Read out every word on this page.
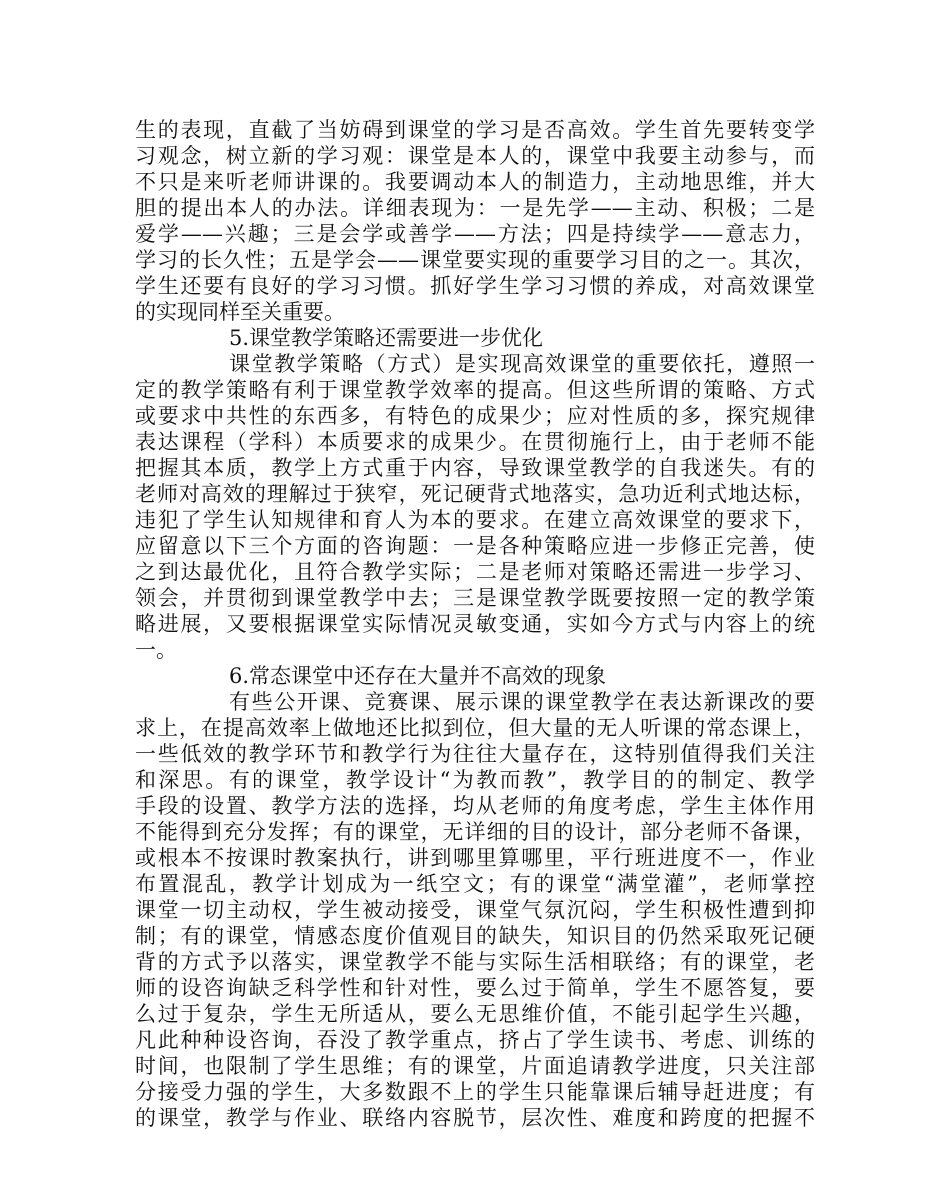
生的表现，直截了当妨碍到课堂的学习是否高效。学生首先要转变学
习观念，树立新的学习观：课堂是本人的，课堂中我要主动参与，而
不只是来听老师讲课的。我要调动本人的制造力，主动地思维，并大
胆的提出本人的办法。详细表现为：一是先学——主动、积极；二是
爱学——兴趣；三是会学或善学——方法；四是持续学——意志力，
学习的长久性；五是学会——课堂要实现的重要学习目的之一。其次，
学生还要有良好的学习习惯。抓好学生学习习惯的养成，对高效课堂
的实现同样至关重要。
5.课堂教学策略还需要进一步优化
课堂教学策略（方式）是实现高效课堂的重要依托，遵照一
定的教学策略有利于课堂教学效率的提高。但这些所谓的策略、方式
或要求中共性的东西多，有特色的成果少；应对性质的多，探究规律
表达课程（学科）本质要求的成果少。在贯彻施行上，由于老师不能
把握其本质，教学上方式重于内容，导致课堂教学的自我迷失。有的
老师对高效的理解过于狭窄，死记硬背式地落实，急功近利式地达标，
违犯了学生认知规律和育人为本的要求。在建立高效课堂的要求下，
应留意以下三个方面的咨询题：一是各种策略应进一步修正完善，使
之到达最优化，且符合教学实际；二是老师对策略还需进一步学习、
领会，并贯彻到课堂教学中去；三是课堂教学既要按照一定的教学策
略进展，又要根据课堂实际情况灵敏变通，实如今方式与内容上的统
一。
6.常态课堂中还存在大量并不高效的现象
有些公开课、竞赛课、展示课的课堂教学在表达新课改的要
求上，在提高效率上做地还比拟到位，但大量的无人听课的常态课上，
一些低效的教学环节和教学行为往往大量存在，这特别值得我们关注
和深思。有的课堂，教学设计“为教而教”，教学目的的制定、教学
手段的设置、教学方法的选择，均从老师的角度考虑，学生主体作用
不能得到充分发挥；有的课堂，无详细的目的设计，部分老师不备课，
或根本不按课时教案执行，讲到哪里算哪里，平行班进度不一，作业
布置混乱，教学计划成为一纸空文；有的课堂“满堂灌”，老师掌控
课堂一切主动权，学生被动接受，课堂气氛沉闷，学生积极性遭到抑
制；有的课堂，情感态度价值观目的缺失，知识目的仍然采取死记硬
背的方式予以落实，课堂教学不能与实际生活相联络；有的课堂，老
师的设咨询缺乏科学性和针对性，要么过于简单，学生不愿答复，要
么过于复杂，学生无所适从，要么无思维价值，不能引起学生兴趣，
凡此种种设咨询，吞没了教学重点，挤占了学生读书、考虑、训练的
时间，也限制了学生思维；有的课堂，片面追请教学进度，只关注部
分接受力强的学生，大多数跟不上的学生只能靠课后辅导赶进度；有
的课堂，教学与作业、联络内容脱节，层次性、难度和跨度的把握不
